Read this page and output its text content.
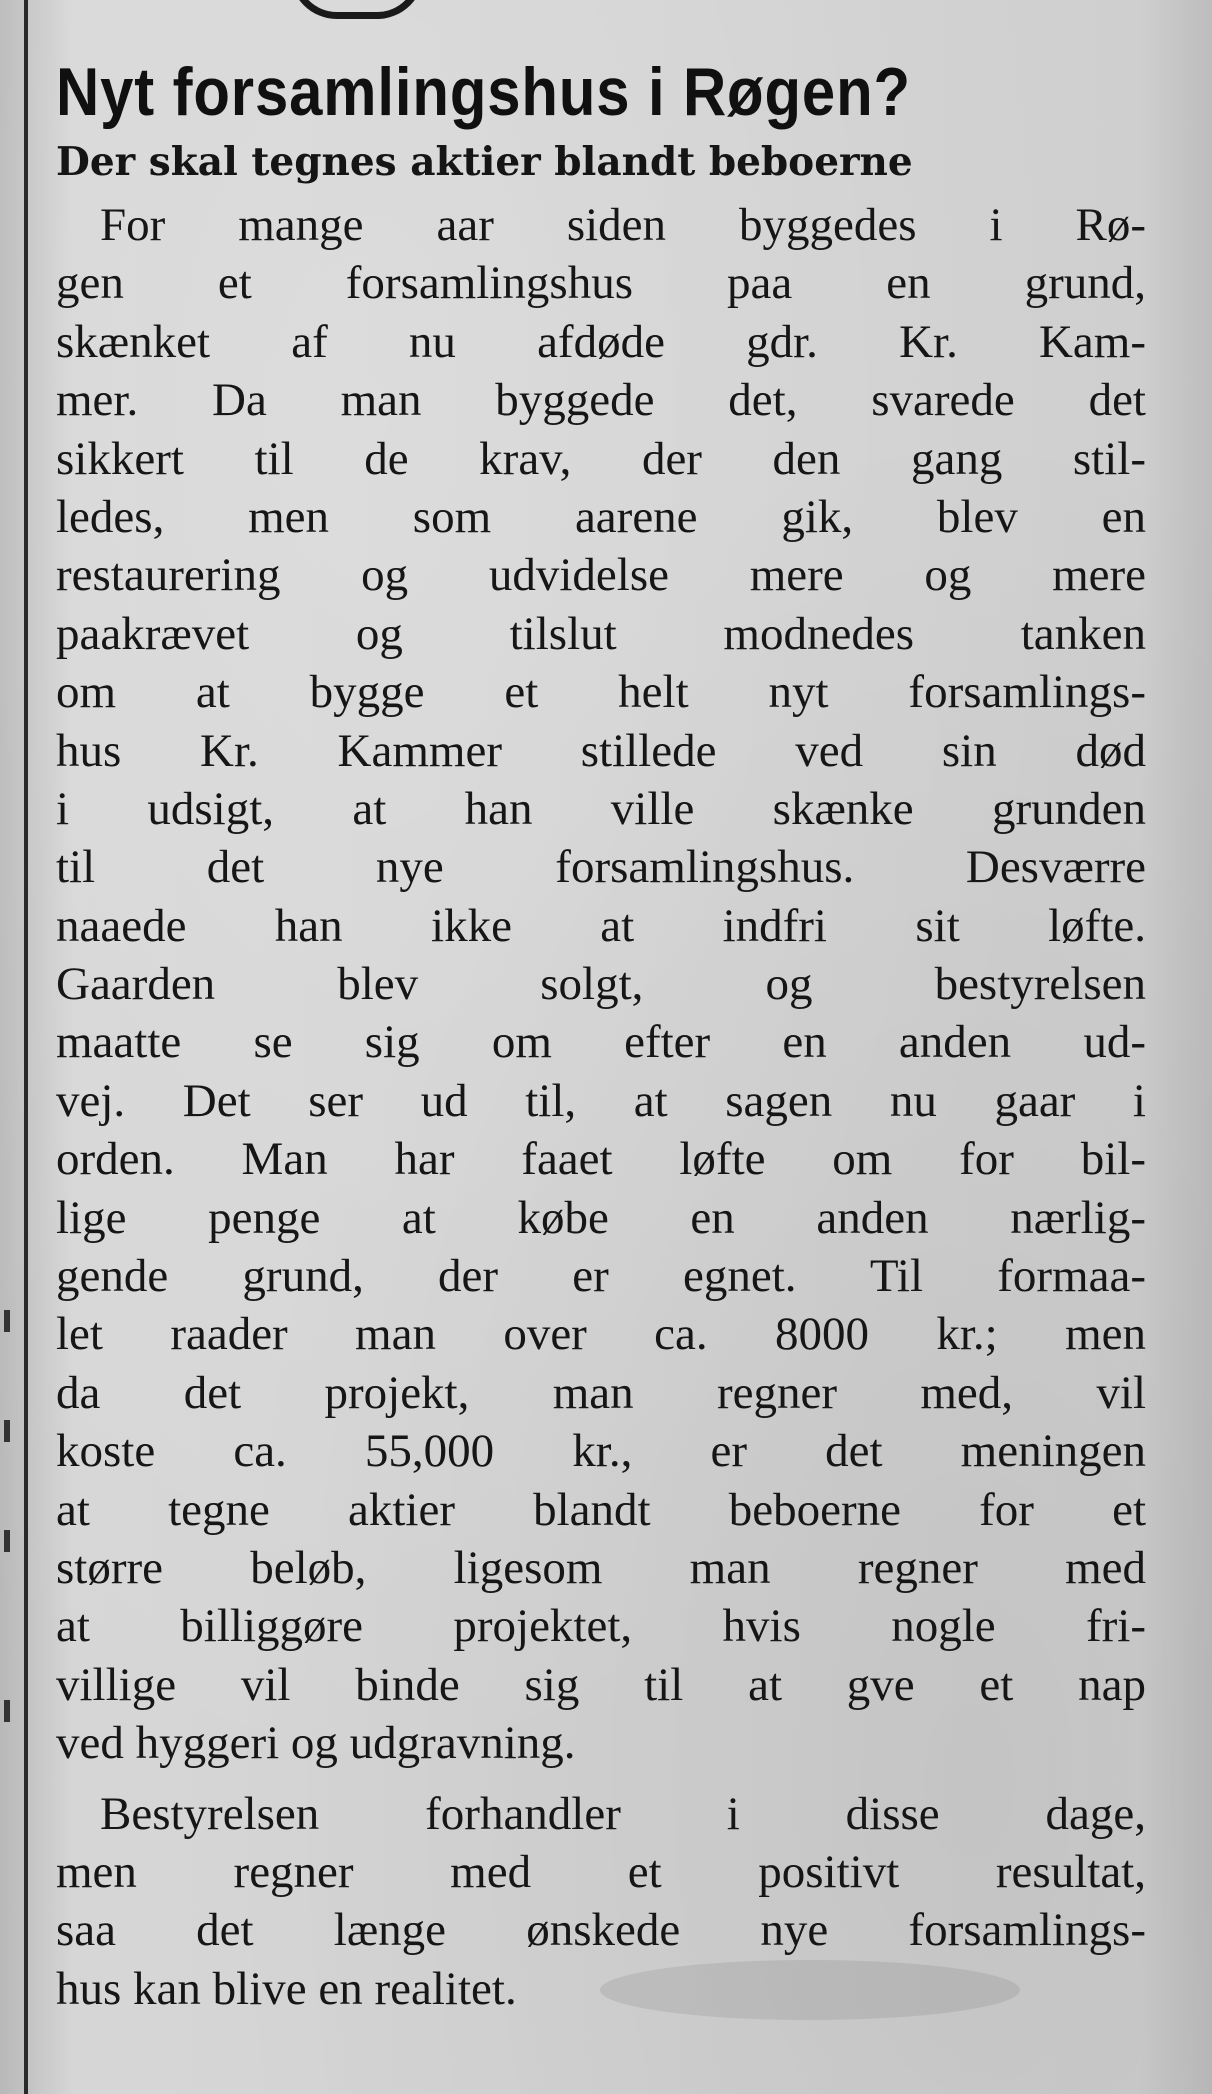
Nyt forsamlingshus i Røgen?
Der skal tegnes aktier blandt beboerne
For mange aar siden byggedes i Rø-
gen et forsamlingshus paa en grund,
skænket af nu afdøde gdr. Kr. Kam-
mer. Da man byggede det, svarede det
sikkert til de krav, der den gang stil-
ledes, men som aarene gik, blev en
restaurering og udvidelse mere og mere
paakrævet og tilslut modnedes tanken
om at bygge et helt nyt forsamlings-
hus Kr. Kammer stillede ved sin død
i udsigt, at han ville skænke grunden
til det nye forsamlingshus. Desværre
naaede han ikke at indfri sit løfte.
Gaarden blev solgt, og bestyrelsen
maatte se sig om efter en anden ud-
vej. Det ser ud til, at sagen nu gaar i
orden. Man har faaet løfte om for bil-
lige penge at købe en anden nærlig-
gende grund, der er egnet. Til formaa-
let raader man over ca. 8000 kr.; men
da det projekt, man regner med, vil
koste ca. 55,000 kr., er det meningen
at tegne aktier blandt beboerne for et
større beløb, ligesom man regner med
at billiggøre projektet, hvis nogle fri-
villige vil binde sig til at gve et nap
ved hyggeri og udgravning.
Bestyrelsen forhandler i disse dage,
men regner med et positivt resultat,
saa det længe ønskede nye forsamlings-
hus kan blive en realitet.
